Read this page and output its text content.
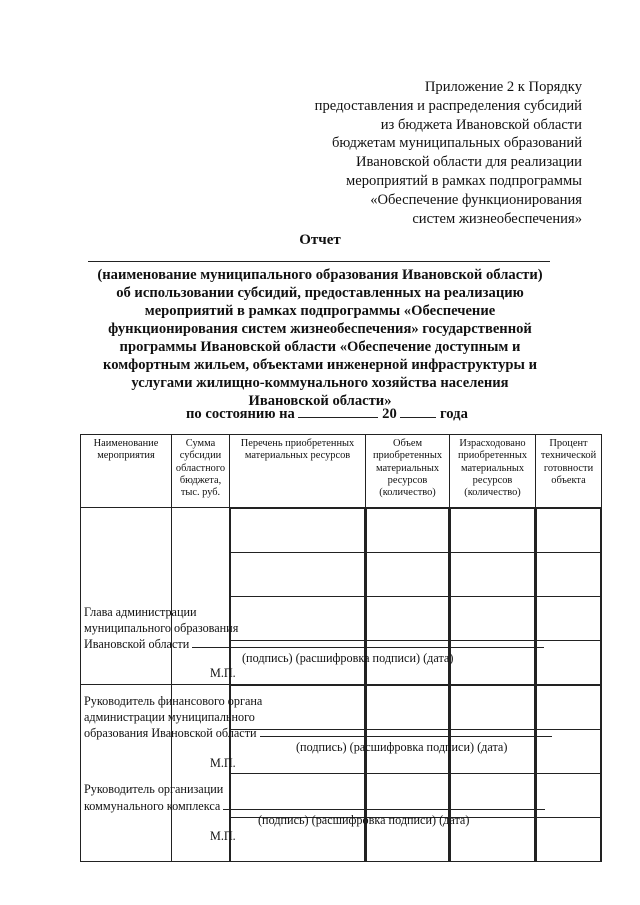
Приложение 2 к Порядку
предоставления и распределения субсидий
из бюджета Ивановской области
бюджетам муниципальных образований
Ивановской области для реализации
мероприятий в рамках подпрограммы
«Обеспечение функционирования
систем жизнеобеспечения»
Отчет
(наименование муниципального образования Ивановской области)
об использовании субсидий, предоставленных на реализацию
мероприятий в рамках подпрограммы «Обеспечение
функционирования систем жизнеобеспечения» государственной
программы Ивановской области «Обеспечение доступным и
комфортным жильем, объектами инженерной инфраструктуры и
услугами жилищно-коммунального хозяйства населения
Ивановской области»
по состоянию на	20	года
Наименование мероприятия	Сумма субсидии областного бюджета, тыс. руб.	Перечень приобретенных материальных ресурсов	Объем приобретенных материальных ресурсов (количество)	Израсходовано приобретенных материальных ресурсов (количество)	Процент технической готовности объекта

Глава администрации
муниципального образования
Ивановской области
(подпись) (расшифровка подписи) (дата)
М.П.
Руководитель финансового органа
администрации муниципального
образования Ивановской области
(подпись) (расшифровка подписи) (дата)
М.П.
Руководитель организации
коммунального комплекса
(подпись) (расшифровка подписи) (дата)
М.П.
